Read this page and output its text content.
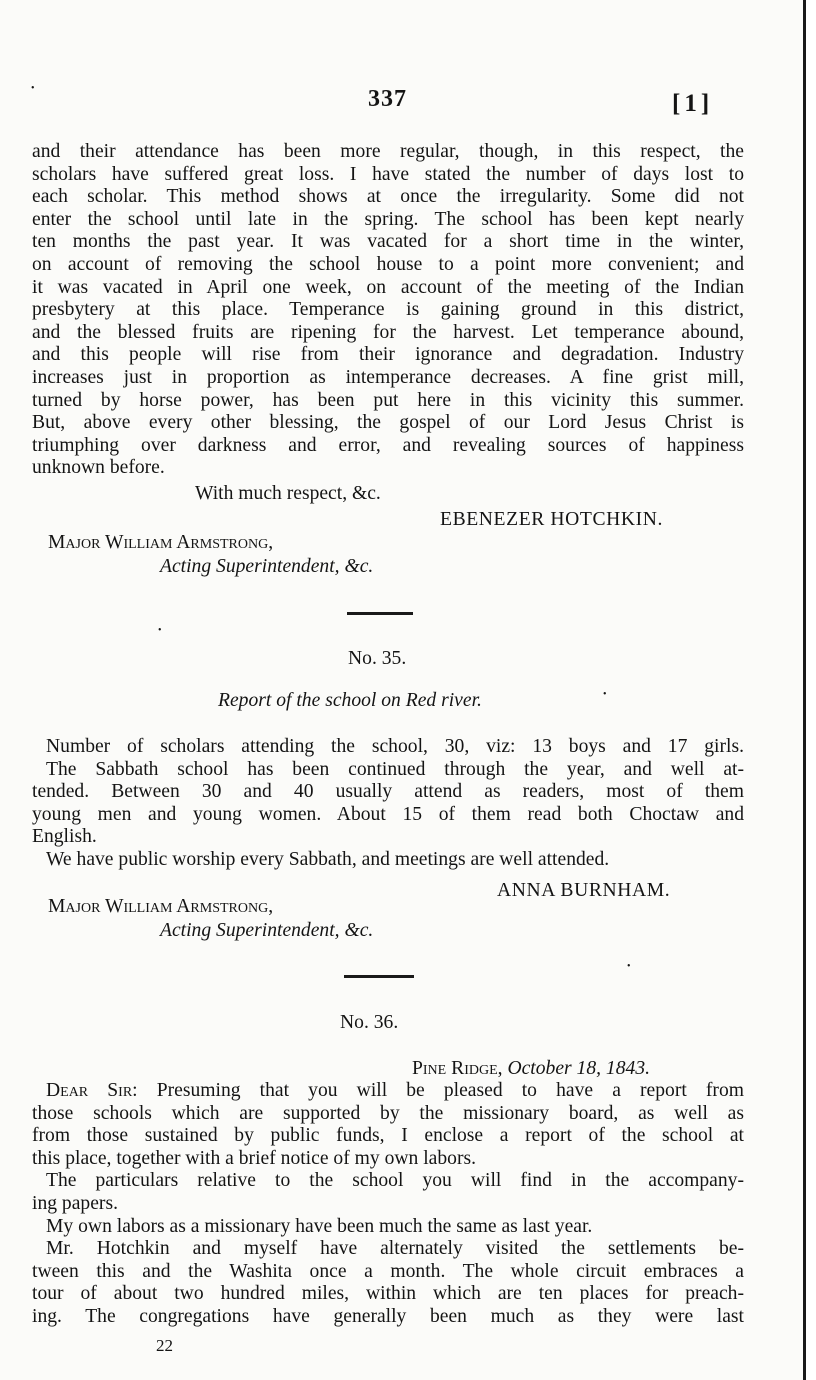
•
•
•
•
337	[1]

and their attendance has been more regular, though, in this respect, the

scholars have suffered great loss. I have stated the number of days lost to

each scholar. This method shows at once the irregularity. Some did not

enter the school until late in the spring. The school has been kept nearly

ten months the past year. It was vacated for a short time in the winter,

on account of removing the school house to a point more convenient; and

it was vacated in April one week, on account of the meeting of the Indian

presbytery at this place. Temperance is gaining ground in this district,

and the blessed fruits are ripening for the harvest. Let temperance abound,

and this people will rise from their ignorance and degradation. Industry

increases just in proportion as intemperance decreases. A fine grist mill,

turned by horse power, has been put here in this vicinity this summer.

But, above every other blessing, the gospel of our Lord Jesus Christ is

triumphing over darkness and error, and revealing sources of happiness

unknown before.

With much respect, &c.
EBENEZER HOTCHKIN.
Major William Armstrong,
Acting Superintendent, &c.
No. 35.
Report of the school on Red river.

Number of scholars attending the school, 30, viz: 13 boys and 17 girls.

The Sabbath school has been continued through the year, and well at-

tended. Between 30 and 40 usually attend as readers, most of them

young men and young women. About 15 of them read both Choctaw and

English.

We have public worship every Sabbath, and meetings are well attended.

ANNA BURNHAM.
Major William Armstrong,
Acting Superintendent, &c.
No. 36.
Pine Ridge, October 18, 1843.

Dear Sir: Presuming that you will be pleased to have a report from

those schools which are supported by the missionary board, as well as

from those sustained by public funds, I enclose a report of the school at

this place, together with a brief notice of my own labors.

The particulars relative to the school you will find in the accompany-

ing papers.

My own labors as a missionary have been much the same as last year.

Mr. Hotchkin and myself have alternately visited the settlements be-

tween this and the Washita once a month. The whole circuit embraces a

tour of about two hundred miles, within which are ten places for preach-

ing. The congregations have generally been much as they were last

22
